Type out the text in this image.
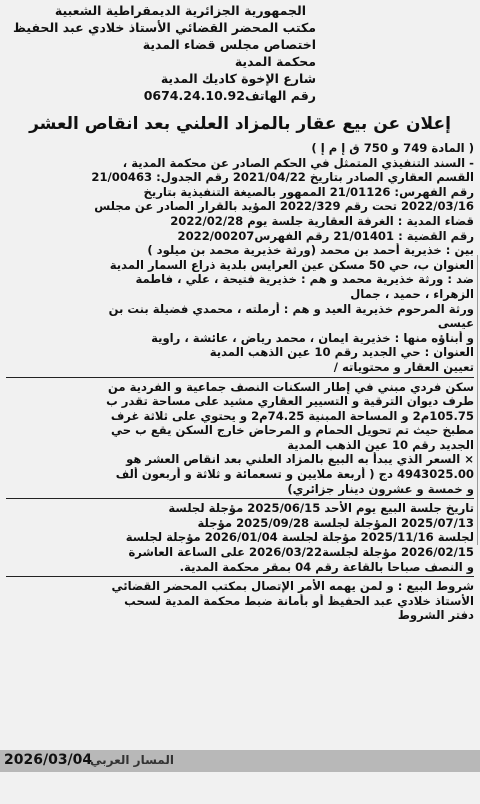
الجمهورية الجزائرية الديمقراطية الشعبية
مكتب المحضر القضائي الأستاذ خلادي عبد الحفيظ
اختصاص مجلس قضاء المدية
محكمة المدية
شارع الإخوة كاديك المدية
رقم الهاتف0674.24.10.92
إعلان عن بيع عقار بالمزاد العلني بعد انقاص العشر
( المادة 749 و 750 ق إ م إ )
- السند التنفيذي المتمثل في الحكم الصادر عن محكمة المدية ،
القسم العقاري الصادر بتاريخ 2021/04/22 رقم الجدول: 21/00463
رقم الفهرس: 21/01126 الممهور بالصيغة التنفيذية بتاريخ
2022/03/16 تحت رقم 2022/329 المؤيد بالقرار الصادر عن مجلس
قضاء المدية : الغرفة العقارية جلسة يوم 2022/02/28
رقم القضية : 21/01401 رقم الفهرس2022/00207
بين : خذيرية أحمد بن محمد (ورثة خذيرية محمد بن ميلود )
العنوان ب، حي 50 مسكن عين العرايس بلدية ذراع السمار المدية
ضد : ورثة خذيرية محمد و هم : خذيرية فتيحة ، علي ، فاطمة
الزهراء ، حميد ، جمال
ورثة المرحوم خذيرية العيد و هم : أرملته ، محمدي فضيلة بنت بن
عيسى
و أبناؤه منها : خذيرية ايمان ، محمد رياض ، عائشة ، راوية
العنوان : حي الجديد رقم 10 عين الذهب المدية
تعيين العقار و محتوياته /
سكن فردي مبني في إطار السكنات النصف جماعية و الفردية من
طرف ديوان الترقية و التسيير العقاري مشيد على مساحة تقدر ب
105.75م2 و المساحة المبنية 74.25م2 و يحتوي على ثلاثة غرف
مطبخ حيث تم تحويل الحمام و المرحاض خارج السكن يقع ب حي
الجديد رقم 10 عين الذهب المدية
× السعر الذي يبدأ به البيع بالمزاد العلني بعد انقاص العشر هو
4943025.00 دج ( أربعة ملايين و تسعمائة و ثلاثة و أربعون ألف
و خمسة و عشرون دينار جزائري)
تاريخ جلسة البيع يوم الأحد 2025/06/15 مؤجلة لجلسة
2025/07/13 المؤجلة لجلسة 2025/09/28 مؤجلة
لجلسة 2025/11/16 مؤجلة لجلسة 2026/01/04 مؤجلة لجلسة
2026/02/15 مؤجلة لجلسة2026/03/22 على الساعة العاشرة
و النصف صباحا بالقاعة رقم 04 بمقر محكمة المدية.
شروط البيع : و لمن يهمه الأمر الإتصال بمكتب المحضر القضائي
الأستاذ خلادي عبد الحفيظ أو بأمانة ضبط محكمة المدية لسحب
دفتر الشروط
2026/03/04
المسار العربي
